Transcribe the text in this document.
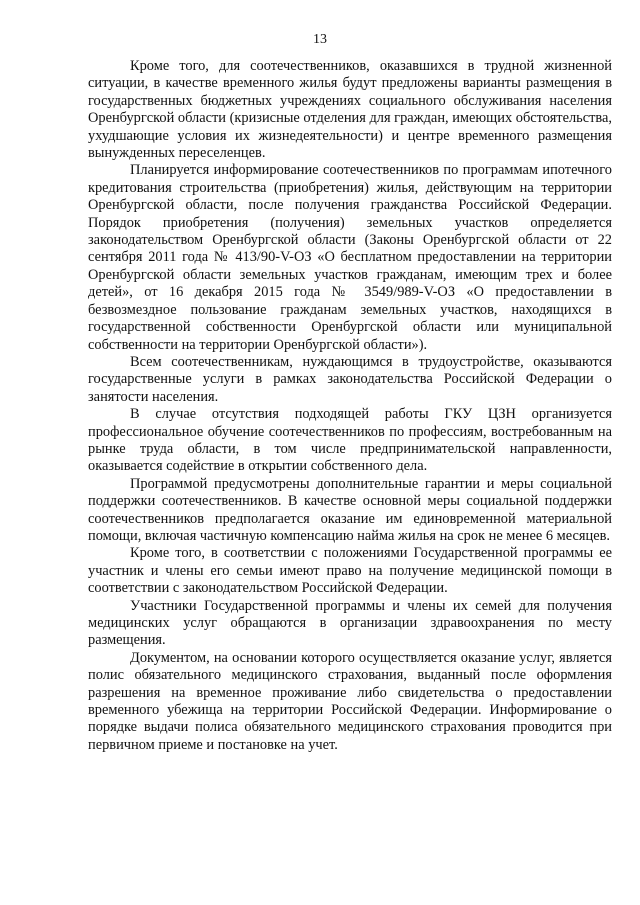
13

Кроме того, для соотечественников, оказавшихся в трудной жизненной ситуации, в качестве временного жилья будут предложены варианты размещения в государственных бюджетных учреждениях социального обслуживания населения Оренбургской области (кризисные отделения для граждан, имеющих обстоятельства, ухудшающие условия их жизнедеятельности) и центре временного размещения вынужденных переселенцев.

Планируется информирование соотечественников по программам ипотечного кредитования строительства (приобретения) жилья, действующим на территории Оренбургской области, после получения гражданства Российской Федерации. Порядок приобретения (получения) земельных участков определяется законодательством Оренбургской области (Законы Оренбургской области от 22 сентября 2011 года № 413/90-V-ОЗ «О бесплатном предоставлении на территории Оренбургской области земельных участков гражданам, имеющим трех и более детей», от 16 декабря 2015 года № 3549/989-V-ОЗ «О предоставлении в безвозмездное пользование гражданам земельных участков, находящихся в государственной собственности Оренбургской области или муниципальной собственности на территории Оренбургской области»).

Всем соотечественникам, нуждающимся в трудоустройстве, оказываются государственные услуги в рамках законодательства Российской Федерации о занятости населения.

В случае отсутствия подходящей работы ГКУ ЦЗН организуется профессиональное обучение соотечественников по профессиям, востребованным на рынке труда области, в том числе предпринимательской направленности, оказывается содействие в открытии собственного дела.

Программой предусмотрены дополнительные гарантии и меры социальной поддержки соотечественников. В качестве основной меры социальной поддержки соотечественников предполагается оказание им единовременной материальной помощи, включая частичную компенсацию найма жилья на срок не менее 6 месяцев.

Кроме того, в соответствии с положениями Государственной программы ее участник и члены его семьи имеют право на получение медицинской помощи в соответствии с законодательством Российской Федерации.

Участники Государственной программы и члены их семей для получения медицинских услуг обращаются в организации здравоохранения по месту размещения.

Документом, на основании которого осуществляется оказание услуг, является полис обязательного медицинского страхования, выданный после оформления разрешения на временное проживание либо свидетельства о предоставлении временного убежища на территории Российской Федерации. Информирование о порядке выдачи полиса обязательного медицинского страхования проводится при первичном приеме и постановке на учет.
